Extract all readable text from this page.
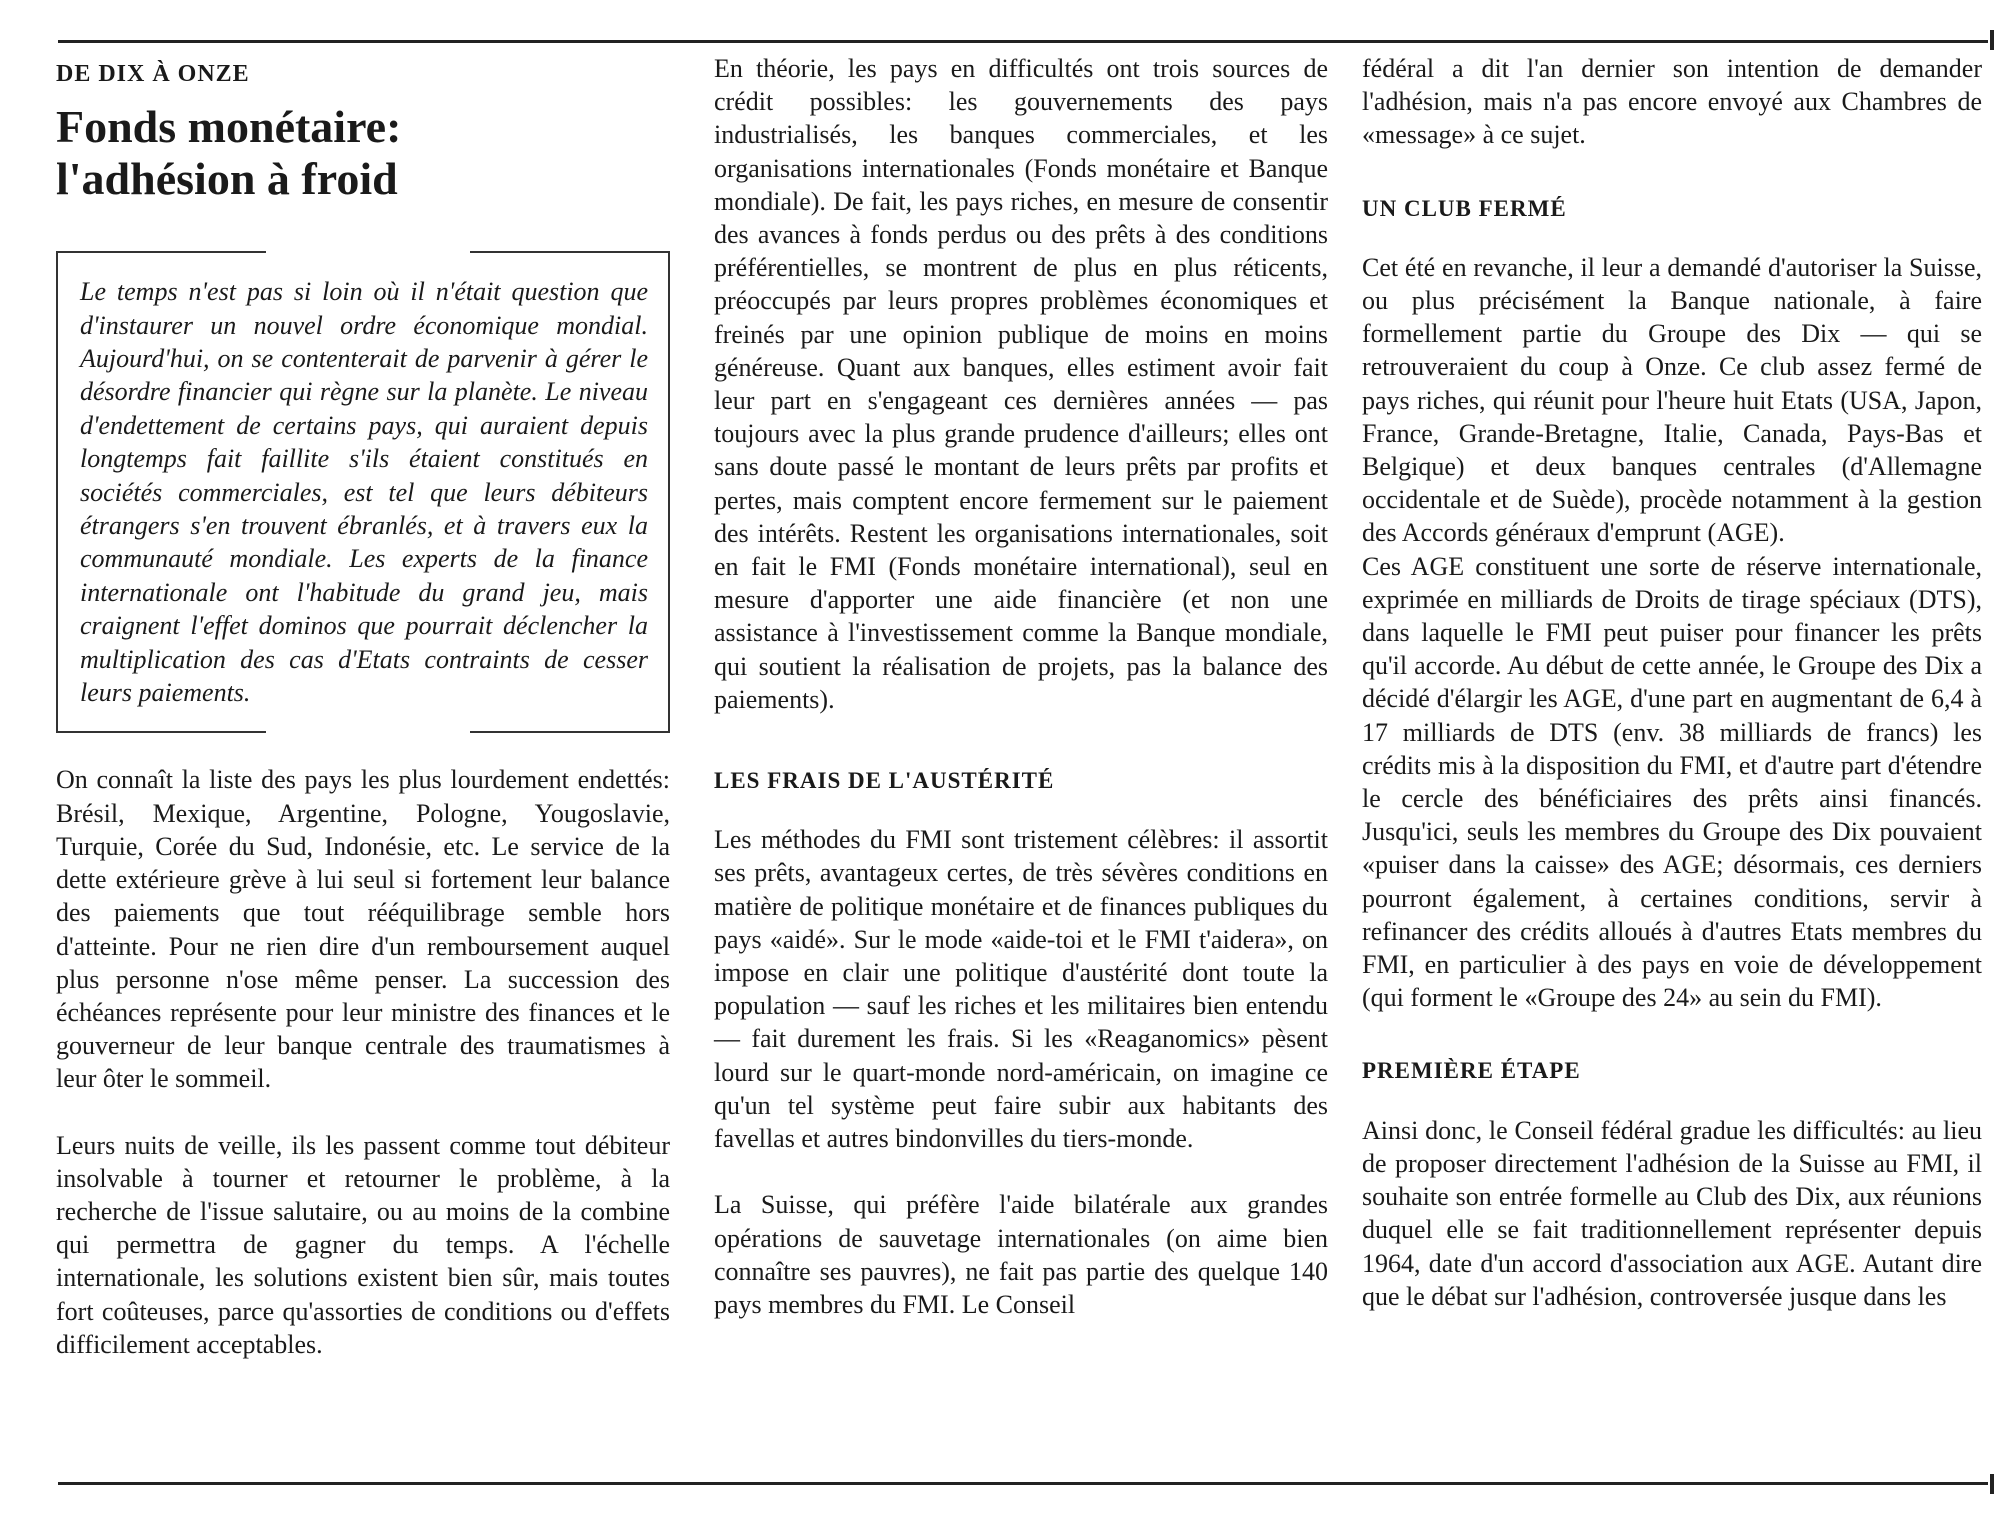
DE DIX À ONZE
Fonds monétaire:
l'adhésion à froid

Le temps n'est pas si loin où il n'était question que d'instaurer un nouvel ordre économique mondial. Aujourd'hui, on se contenterait de parvenir à gérer le désordre financier qui règne sur la planète. Le niveau d'endettement de certains pays, qui auraient depuis longtemps fait faillite s'ils étaient constitués en sociétés commerciales, est tel que leurs débiteurs étrangers s'en trouvent ébranlés, et à travers eux la communauté mondiale. Les experts de la finance internationale ont l'habitude du grand jeu, mais craignent l'effet dominos que pourrait déclencher la multiplication des cas d'Etats contraints de cesser leurs paiements.

On connaît la liste des pays les plus lourdement endettés: Brésil, Mexique, Argentine, Pologne, Yougoslavie, Turquie, Corée du Sud, Indonésie, etc. Le service de la dette extérieure grève à lui seul si fortement leur balance des paiements que tout rééquilibrage semble hors d'atteinte. Pour ne rien dire d'un remboursement auquel plus personne n'ose même penser. La succession des échéances représente pour leur ministre des finances et le gouverneur de leur banque centrale des traumatismes à leur ôter le sommeil.

Leurs nuits de veille, ils les passent comme tout débiteur insolvable à tourner et retourner le problème, à la recherche de l'issue salutaire, ou au moins de la combine qui permettra de gagner du temps. A l'échelle internationale, les solutions existent bien sûr, mais toutes fort coûteuses, parce qu'assorties de conditions ou d'effets difficilement acceptables.

En théorie, les pays en difficultés ont trois sources de crédit possibles: les gouvernements des pays industrialisés, les banques commerciales, et les organisations internationales (Fonds monétaire et Banque mondiale). De fait, les pays riches, en mesure de consentir des avances à fonds perdus ou des prêts à des conditions préférentielles, se montrent de plus en plus réticents, préoccupés par leurs propres problèmes économiques et freinés par une opinion publique de moins en moins généreuse. Quant aux banques, elles estiment avoir fait leur part en s'engageant ces dernières années — pas toujours avec la plus grande prudence d'ailleurs; elles ont sans doute passé le montant de leurs prêts par profits et pertes, mais comptent encore fermement sur le paiement des intérêts. Restent les organisations internationales, soit en fait le FMI (Fonds monétaire international), seul en mesure d'apporter une aide financière (et non une assistance à l'investissement comme la Banque mondiale, qui soutient la réalisation de projets, pas la balance des paiements).

LES FRAIS DE L'AUSTÉRITÉ

Les méthodes du FMI sont tristement célèbres: il assortit ses prêts, avantageux certes, de très sévères conditions en matière de politique monétaire et de finances publiques du pays «aidé». Sur le mode «aide-toi et le FMI t'aidera», on impose en clair une politique d'austérité dont toute la population — sauf les riches et les militaires bien entendu — fait durement les frais. Si les «Reaganomics» pèsent lourd sur le quart-monde nord-américain, on imagine ce qu'un tel système peut faire subir aux habitants des favellas et autres bindonvilles du tiers-monde.

La Suisse, qui préfère l'aide bilatérale aux grandes opérations de sauvetage internationales (on aime bien connaître ses pauvres), ne fait pas partie des quelque 140 pays membres du FMI. Le Conseil

fédéral a dit l'an dernier son intention de demander l'adhésion, mais n'a pas encore envoyé aux Chambres de «message» à ce sujet.

UN CLUB FERMÉ

Cet été en revanche, il leur a demandé d'autoriser la Suisse, ou plus précisément la Banque nationale, à faire formellement partie du Groupe des Dix — qui se retrouveraient du coup à Onze. Ce club assez fermé de pays riches, qui réunit pour l'heure huit Etats (USA, Japon, France, Grande-Bretagne, Italie, Canada, Pays-Bas et Belgique) et deux banques centrales (d'Allemagne occidentale et de Suède), procède notamment à la gestion des Accords généraux d'emprunt (AGE).

Ces AGE constituent une sorte de réserve internationale, exprimée en milliards de Droits de tirage spéciaux (DTS), dans laquelle le FMI peut puiser pour financer les prêts qu'il accorde. Au début de cette année, le Groupe des Dix a décidé d'élargir les AGE, d'une part en augmentant de 6,4 à 17 milliards de DTS (env. 38 milliards de francs) les crédits mis à la disposition du FMI, et d'autre part d'étendre le cercle des bénéficiaires des prêts ainsi financés. Jusqu'ici, seuls les membres du Groupe des Dix pouvaient «puiser dans la caisse» des AGE; désormais, ces derniers pourront également, à certaines conditions, servir à refinancer des crédits alloués à d'autres Etats membres du FMI, en particulier à des pays en voie de développement (qui forment le «Groupe des 24» au sein du FMI).

PREMIÈRE ÉTAPE

Ainsi donc, le Conseil fédéral gradue les difficultés: au lieu de proposer directement l'adhésion de la Suisse au FMI, il souhaite son entrée formelle au Club des Dix, aux réunions duquel elle se fait traditionnellement représenter depuis 1964, date d'un accord d'association aux AGE. Autant dire que le débat sur l'adhésion, controversée jusque dans les
